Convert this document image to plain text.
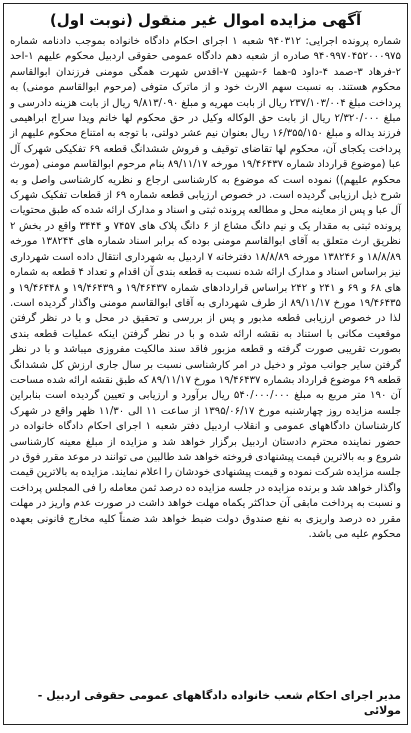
آگهی مزایده اموال غیر منقول (نوبت اول)

شماره پرونده اجرایی: ۹۴۰۳۱۲ شعبه ۱ اجرای احکام دادگاه خانواده بموجب دادنامه شماره ۹۴۰۹۹۷۰۴۵۲۰۰۰۹۷۵ صادره از شعبه دهم دادگاه عمومی حقوقی اردبیل محکوم علیهم ۱-احد ۲-فرهاد ۳-صمد ۴-داود ۵-هما ۶-شهین ۷-اقدس شهرت همگی مومنی فرزندان ابوالقاسم محکوم هستند. به نسبت سهم الارث خود و از ماترک متوفی (مرحوم ابوالقاسم مومنی) به پرداخت مبلغ ۲۳۷/۱۰۳/۰۰۴ ریال از بابت مهریه و مبلغ ۹/۸۱۳/۰۹۰ ریال از بابت هزینه دادرسی و مبلغ ۲/۳۲۰/۰۰۰ ریال از بابت حق الوکاله وکیل در حق محکوم لها خانم ویدا سراج ابراهیمی فرزند یداله و مبلغ ۱۶/۳۵۵/۱۵۰ ریال بعنوان نیم عشر دولتی، با توجه به امتناع محکوم علیهم از پرداخت یکجای آن، محکوم لها تقاضای توقیف و فروش ششدانگ قطعه ۶۹ تفکیکی شهرک آل عبا (موضوع قرارداد شماره ۱۹/۴۶۴۳۷ مورخه ۸۹/۱۱/۱۷ بنام مرحوم ابوالقاسم مومنی (مورث محکوم علیهم)) نموده است که موضوع به کارشناسی ارجاع و نظریه کارشناسی واصل و به شرح ذیل ارزیابی گردیده است. در خصوص ارزیابی قطعه شماره ۶۹ از قطعات تفکیک شهرک آل عبا و پس از معاینه محل و مطالعه پرونده ثبتی و اسناد و مدارک ارائه شده که طبق محتویات پرونده ثبتی به مقدار یک و نیم دانگ مشاع از ۶ دانگ پلاک های ۷۴۵۷ و ۳۴۴۴ واقع در بخش ۲ نظریق ارث متعلق به آقای ابوالقاسم مومنی بوده که برابر اسناد شماره های ۱۳۸۲۴۴ مورخه ۱۸/۸/۸۹ و ۱۳۸۲۴۶ مورخه ۱۸/۸/۸۹ دفترخانه ۷ اردبیل به شهرداری انتقال داده است شهرداری نیز براساس اسناد و مدارک ارائه شده نسبت به قطعه بندی آن اقدام و تعداد ۴ قطعه به شماره های ۶۸ و ۶۹ و ۲۴۱ و ۲۴۲ براساس قراردادهای شماره ۱۹/۴۶۴۳۷ و ۱۹/۴۶۴۳۹ و ۱۹/۴۶۴۴۸ و ۱۹/۴۶۴۳۵ مورخ ۸۹/۱۱/۱۷ از طرف شهرداری به آقای ابوالقاسم مومنی واگذار گردیده است. لذا در خصوص ارزیابی قطعه مذبور و پس از بررسی و تحقیق در محل و با در نظر گرفتن موقعیت مکانی با استناد به نقشه ارائه شده و با در نظر گرفتن اینکه عملیات قطعه بندی بصورت تقریبی صورت گرفته و قطعه مزبور فاقد سند مالکیت مفروزی میباشد و با در نظر گرفتن سایر جوانب موثر و دخیل در امر کارشناسی نسبت بر سال جاری ارزش کل ششدانگ قطعه ۶۹ موضوع قرارداد بشماره ۱۹/۴۶۴۳۷ مورخ ۸۹/۱۱/۱۷ که طبق نقشه ارائه شده مساحت آن ۱۹۰ متر مربع به مبلغ ۵۴۰/۰۰۰/۰۰۰ ریال برآورد و ارزیابی و تعیین گردیده است بنابراین جلسه مزایده روز چهارشنبه مورخ ۱۳۹۵/۰۶/۱۷ از ساعت ۱۱ الی ۱۱/۳۰ ظهر واقع در شهرک کارشناسان دادگاههای عمومی و انقلاب اردبیل دفتر شعبه ۱ اجرای احکام دادگاه خانواده در حضور نماینده محترم دادستان اردبیل برگزار خواهد شد و مزایده از مبلغ معینه کارشناسی شروع و به بالاترین قیمت پیشنهادی فروخته خواهد شد طالبین می توانند در موعد مقرر فوق در جلسه مزایده شرکت نموده و قیمت پیشنهادی خودشان را اعلام نمایند. مزایده به بالاترین قیمت واگذار خواهد شد و برنده مزایده در جلسه مزایده ده درصد ثمن معامله را فی المجلس پرداخت و نسبت به پرداخت مابقی آن حداکثر یکماه مهلت خواهد داشت در صورت عدم واریز در مهلت مقرر ده درصد واریزی به نفع صندوق دولت ضبط خواهد شد ضمناً کلیه مخارج قانونی بعهده محکوم علیه می باشد.

مدیر اجرای احکام شعب خانواده دادگاههای عمومی حقوقی اردبیل - مولائی
